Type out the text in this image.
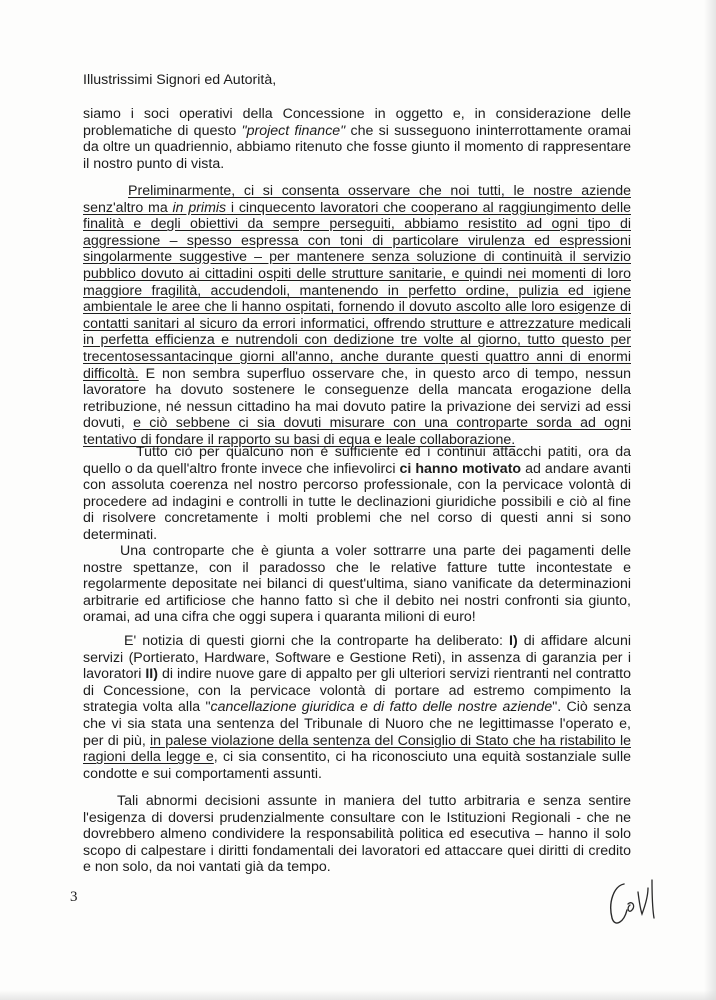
Illustrissimi Signori ed Autorità,

siamo i soci operativi della Concessione in oggetto e, in considerazione delle problematiche di questo "project finance" che si susseguono ininterrottamente oramai da oltre un quadriennio, abbiamo ritenuto che fosse giunto il momento di rappresentare il nostro punto di vista.

Preliminarmente, ci si consenta osservare che noi tutti, le nostre aziende senz'altro ma in primis i cinquecento lavoratori che cooperano al raggiungimento delle finalità e degli obiettivi da sempre perseguiti, abbiamo resistito ad ogni tipo di aggressione – spesso espressa con toni di particolare virulenza ed espressioni singolarmente suggestive – per mantenere senza soluzione di continuità il servizio pubblico dovuto ai cittadini ospiti delle strutture sanitarie, e quindi nei momenti di loro maggiore fragilità, accudendoli, mantenendo in perfetto ordine, pulizia ed igiene ambientale le aree che li hanno ospitati, fornendo il dovuto ascolto alle loro esigenze di contatti sanitari al sicuro da errori informatici, offrendo strutture e attrezzature medicali in perfetta efficienza e nutrendoli con dedizione tre volte al giorno, tutto questo per trecentosessantacinque giorni all'anno, anche durante questi quattro anni di enormi difficoltà. E non sembra superfluo osservare che, in questo arco di tempo, nessun lavoratore ha dovuto sostenere le conseguenze della mancata erogazione della retribuzione, né nessun cittadino ha mai dovuto patire la privazione dei servizi ad essi dovuti, e ciò sebbene ci sia dovuti misurare con una controparte sorda ad ogni tentativo di fondare il rapporto su basi di equa e leale collaborazione.

Tutto ciò per qualcuno non è sufficiente ed i continui attacchi patiti, ora da quello o da quell'altro fronte invece che infievolirci ci hanno motivato ad andare avanti con assoluta coerenza nel nostro percorso professionale, con la pervicace volontà di procedere ad indagini e controlli in tutte le declinazioni giuridiche possibili e ciò al fine di risolvere concretamente i molti problemi che nel corso di questi anni si sono determinati.

Una controparte che è giunta a voler sottrarre una parte dei pagamenti delle nostre spettanze, con il paradosso che le relative fatture tutte incontestate e regolarmente depositate nei bilanci di quest'ultima, siano vanificate da determinazioni arbitrarie ed artificiose che hanno fatto sì che il debito nei nostri confronti sia giunto, oramai, ad una cifra che oggi supera i quaranta milioni di euro!

E' notizia di questi giorni che la controparte ha deliberato: I) di affidare alcuni servizi (Portierato, Hardware, Software e Gestione Reti), in assenza di garanzia per i lavoratori II) di indire nuove gare di appalto per gli ulteriori servizi rientranti nel contratto di Concessione, con la pervicace volontà di portare ad estremo compimento la strategia volta alla "cancellazione giuridica e di fatto delle nostre aziende". Ciò senza che vi sia stata una sentenza del Tribunale di Nuoro che ne legittimasse l'operato e, per di più, in palese violazione della sentenza del Consiglio di Stato che ha ristabilito le ragioni della legge e, ci sia consentito, ci ha riconosciuto una equità sostanziale sulle condotte e sui comportamenti assunti.

Tali abnormi decisioni assunte in maniera del tutto arbitraria e senza sentire l'esigenza di doversi prudenzialmente consultare con le Istituzioni Regionali - che ne dovrebbero almeno condividere la responsabilità politica ed esecutiva – hanno il solo scopo di calpestare i diritti fondamentali dei lavoratori ed attaccare quei diritti di credito e non solo, da noi vantati già da tempo.

3
